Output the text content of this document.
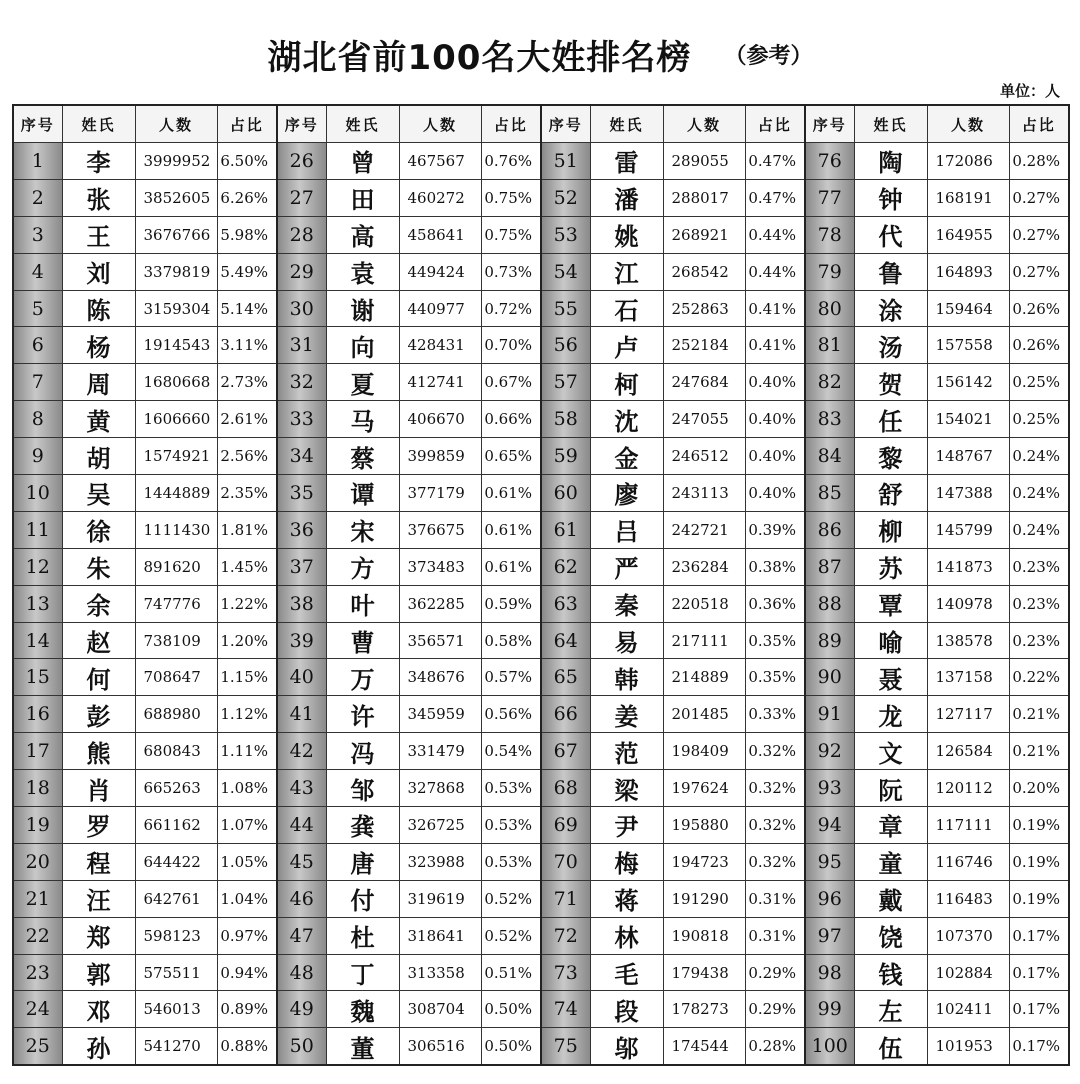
湖北省前100名大姓排名榜 （参考）
单位：人
序号	姓氏	人数	占比	序号	姓氏	人数	占比	序号	姓氏	人数	占比	序号	姓氏	人数	占比
1	李	3999952	6.50%	26	曾	467567	0.76%	51	雷	289055	0.47%	76	陶	172086	0.28%
2	张	3852605	6.26%	27	田	460272	0.75%	52	潘	288017	0.47%	77	钟	168191	0.27%
3	王	3676766	5.98%	28	高	458641	0.75%	53	姚	268921	0.44%	78	代	164955	0.27%
4	刘	3379819	5.49%	29	袁	449424	0.73%	54	江	268542	0.44%	79	鲁	164893	0.27%
5	陈	3159304	5.14%	30	谢	440977	0.72%	55	石	252863	0.41%	80	涂	159464	0.26%
6	杨	1914543	3.11%	31	向	428431	0.70%	56	卢	252184	0.41%	81	汤	157558	0.26%
7	周	1680668	2.73%	32	夏	412741	0.67%	57	柯	247684	0.40%	82	贺	156142	0.25%
8	黄	1606660	2.61%	33	马	406670	0.66%	58	沈	247055	0.40%	83	任	154021	0.25%
9	胡	1574921	2.56%	34	蔡	399859	0.65%	59	金	246512	0.40%	84	黎	148767	0.24%
10	吴	1444889	2.35%	35	谭	377179	0.61%	60	廖	243113	0.40%	85	舒	147388	0.24%
11	徐	1111430	1.81%	36	宋	376675	0.61%	61	吕	242721	0.39%	86	柳	145799	0.24%
12	朱	891620	1.45%	37	方	373483	0.61%	62	严	236284	0.38%	87	苏	141873	0.23%
13	余	747776	1.22%	38	叶	362285	0.59%	63	秦	220518	0.36%	88	覃	140978	0.23%
14	赵	738109	1.20%	39	曹	356571	0.58%	64	易	217111	0.35%	89	喻	138578	0.23%
15	何	708647	1.15%	40	万	348676	0.57%	65	韩	214889	0.35%	90	聂	137158	0.22%
16	彭	688980	1.12%	41	许	345959	0.56%	66	姜	201485	0.33%	91	龙	127117	0.21%
17	熊	680843	1.11%	42	冯	331479	0.54%	67	范	198409	0.32%	92	文	126584	0.21%
18	肖	665263	1.08%	43	邹	327868	0.53%	68	梁	197624	0.32%	93	阮	120112	0.20%
19	罗	661162	1.07%	44	龚	326725	0.53%	69	尹	195880	0.32%	94	章	117111	0.19%
20	程	644422	1.05%	45	唐	323988	0.53%	70	梅	194723	0.32%	95	童	116746	0.19%
21	汪	642761	1.04%	46	付	319619	0.52%	71	蒋	191290	0.31%	96	戴	116483	0.19%
22	郑	598123	0.97%	47	杜	318641	0.52%	72	林	190818	0.31%	97	饶	107370	0.17%
23	郭	575511	0.94%	48	丁	313358	0.51%	73	毛	179438	0.29%	98	钱	102884	0.17%
24	邓	546013	0.89%	49	魏	308704	0.50%	74	段	178273	0.29%	99	左	102411	0.17%
25	孙	541270	0.88%	50	董	306516	0.50%	75	邬	174544	0.28%	100	伍	101953	0.17%
